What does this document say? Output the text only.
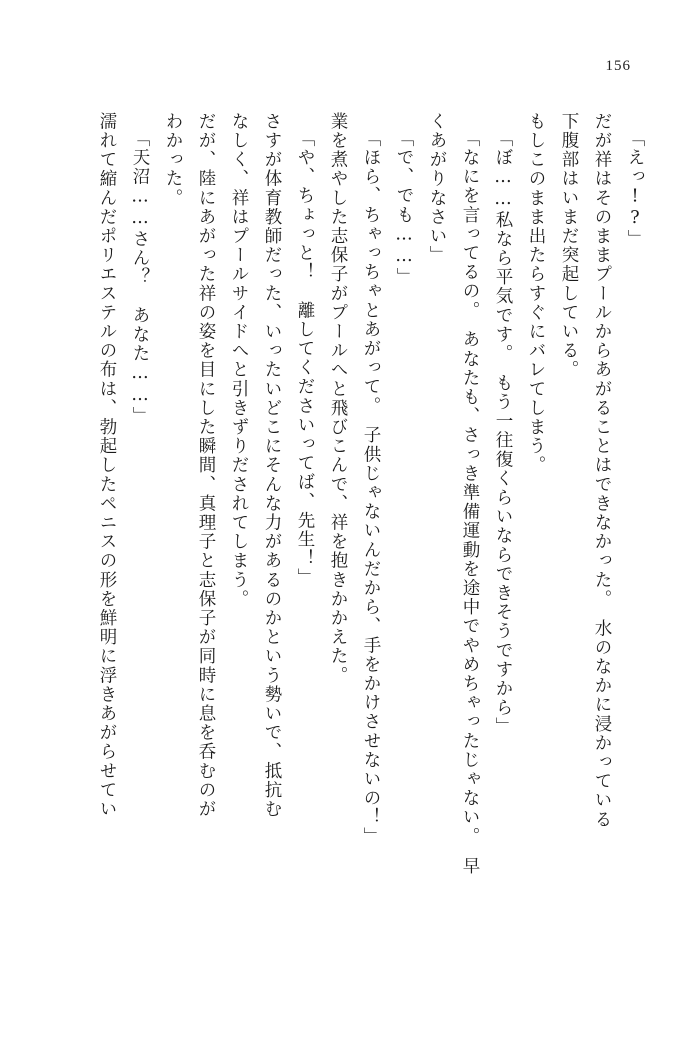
156
「えっ!?」
だが祥はそのままプールからあがることはできなかった。　水のなかに浸かっている
下腹部はいまだ突起している。
もしこのまま出たらすぐにバレてしまう。
「ぼ……私なら平気です。　もう一往復くらいならできそうですから」
「なにを言ってるの。　あなたも、さっき準備運動を途中でやめちゃったじゃない。　早
くあがりなさい」
「で、でも……」
「ほら、ちゃっちゃとあがって。　子供じゃないんだから、手をかけさせないの！」
業を煮やした志保子がプールへと飛びこんで、祥を抱きかかえた。
「や、ちょっと！　離してくださいってば、先生！」
さすが体育教師だった、いったいどこにそんな力があるのかという勢いで、抵抗む
なしく、祥はプールサイドへと引きずりだされてしまう。
だが、陸にあがった祥の姿を目にした瞬間、真理子と志保子が同時に息を呑むのが
わかった。
「天沼……さん？　あなた……」
濡れて縮んだポリエステルの布は、勃起したペニスの形を鮮明に浮きあがらせてい
